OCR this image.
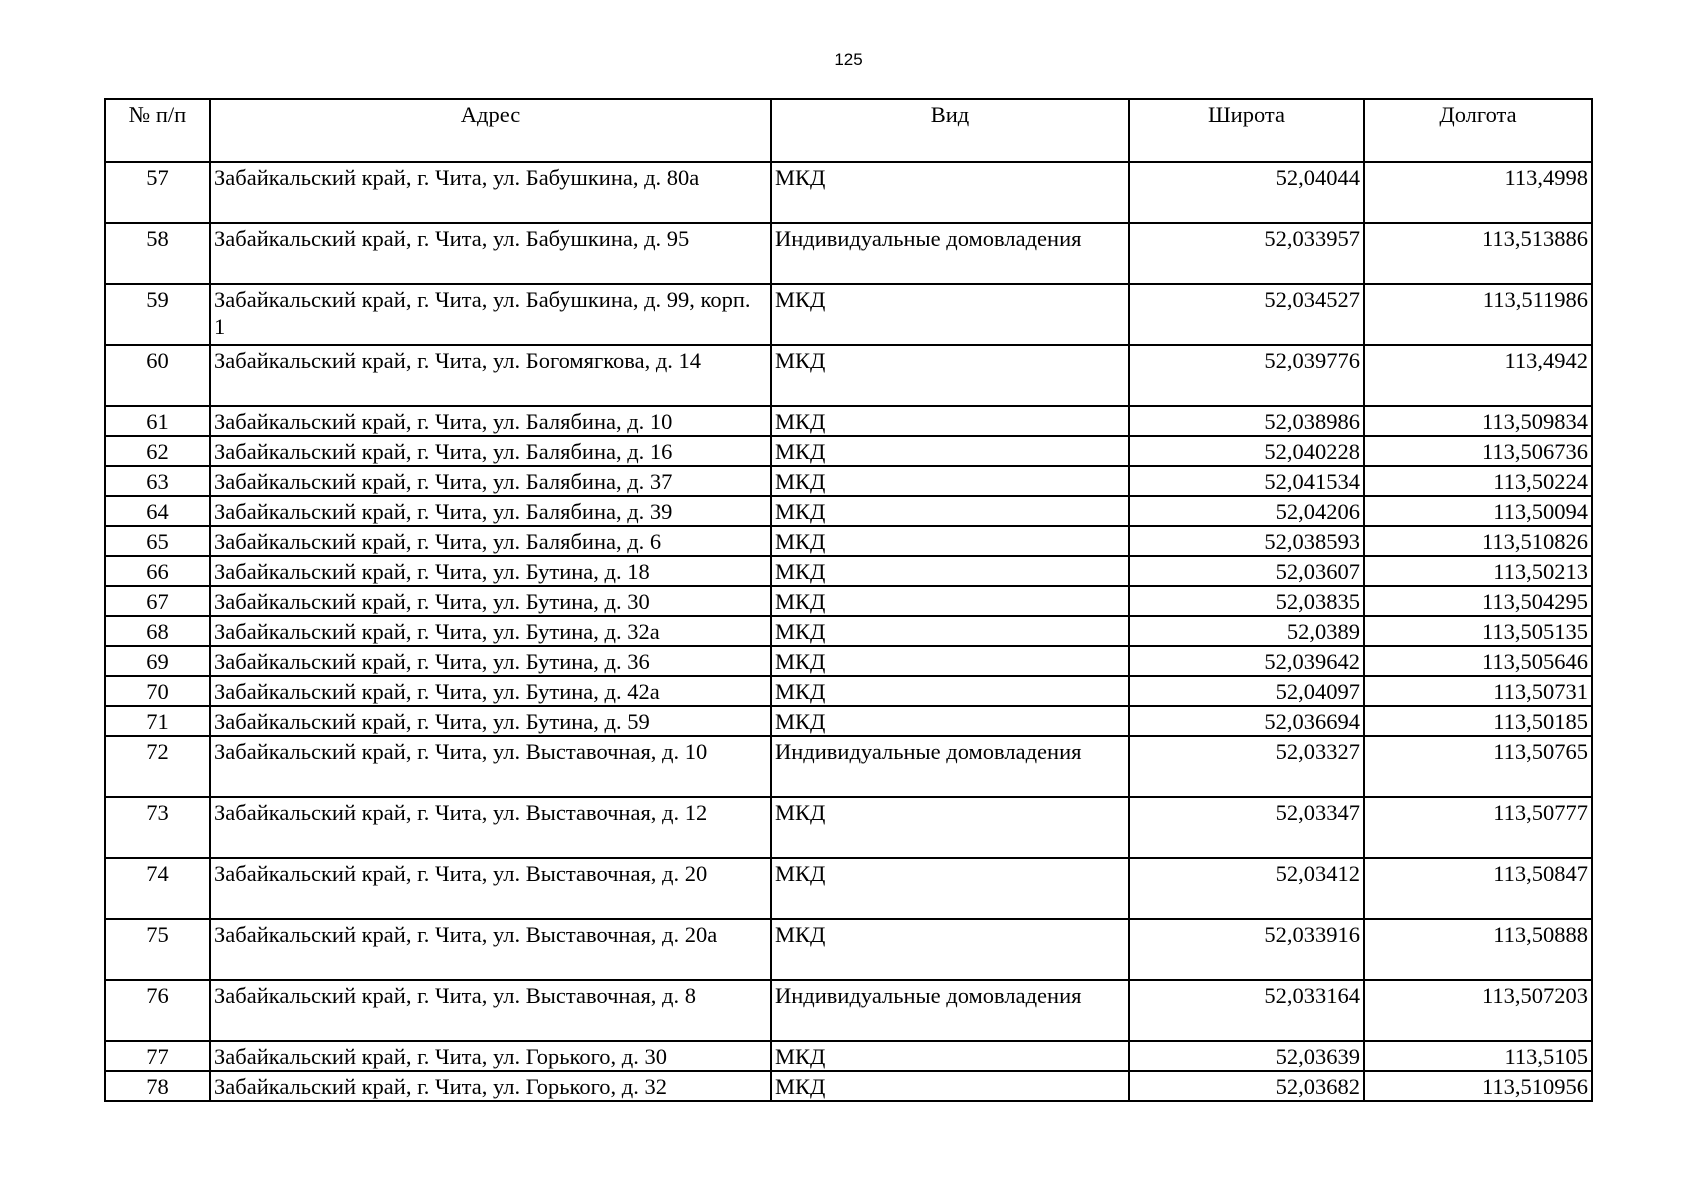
125
№ п/п	Адрес	Вид	Широта	Долгота
57	Забайкальский край, г. Чита, ул. Бабушкина, д. 80а	МКД	52,04044	113,4998
58	Забайкальский край, г. Чита, ул. Бабушкина, д. 95	Индивидуальные домовладения	52,033957	113,513886
59	Забайкальский край, г. Чита, ул. Бабушкина, д. 99, корп. 1	МКД	52,034527	113,511986
60	Забайкальский край, г. Чита, ул. Богомягкова, д. 14	МКД	52,039776	113,4942
61	Забайкальский край, г. Чита, ул. Балябина, д. 10	МКД	52,038986	113,509834
62	Забайкальский край, г. Чита, ул. Балябина, д. 16	МКД	52,040228	113,506736
63	Забайкальский край, г. Чита, ул. Балябина, д. 37	МКД	52,041534	113,50224
64	Забайкальский край, г. Чита, ул. Балябина, д. 39	МКД	52,04206	113,50094
65	Забайкальский край, г. Чита, ул. Балябина, д. 6	МКД	52,038593	113,510826
66	Забайкальский край, г. Чита, ул. Бутина, д. 18	МКД	52,03607	113,50213
67	Забайкальский край, г. Чита, ул. Бутина, д. 30	МКД	52,03835	113,504295
68	Забайкальский край, г. Чита, ул. Бутина, д. 32а	МКД	52,0389	113,505135
69	Забайкальский край, г. Чита, ул. Бутина, д. 36	МКД	52,039642	113,505646
70	Забайкальский край, г. Чита, ул. Бутина, д. 42а	МКД	52,04097	113,50731
71	Забайкальский край, г. Чита, ул. Бутина, д. 59	МКД	52,036694	113,50185
72	Забайкальский край, г. Чита, ул. Выставочная, д. 10	Индивидуальные домовладения	52,03327	113,50765
73	Забайкальский край, г. Чита, ул. Выставочная, д. 12	МКД	52,03347	113,50777
74	Забайкальский край, г. Чита, ул. Выставочная, д. 20	МКД	52,03412	113,50847
75	Забайкальский край, г. Чита, ул. Выставочная, д. 20а	МКД	52,033916	113,50888
76	Забайкальский край, г. Чита, ул. Выставочная, д. 8	Индивидуальные домовладения	52,033164	113,507203
77	Забайкальский край, г. Чита, ул. Горького, д. 30	МКД	52,03639	113,5105
78	Забайкальский край, г. Чита, ул. Горького, д. 32	МКД	52,03682	113,510956
